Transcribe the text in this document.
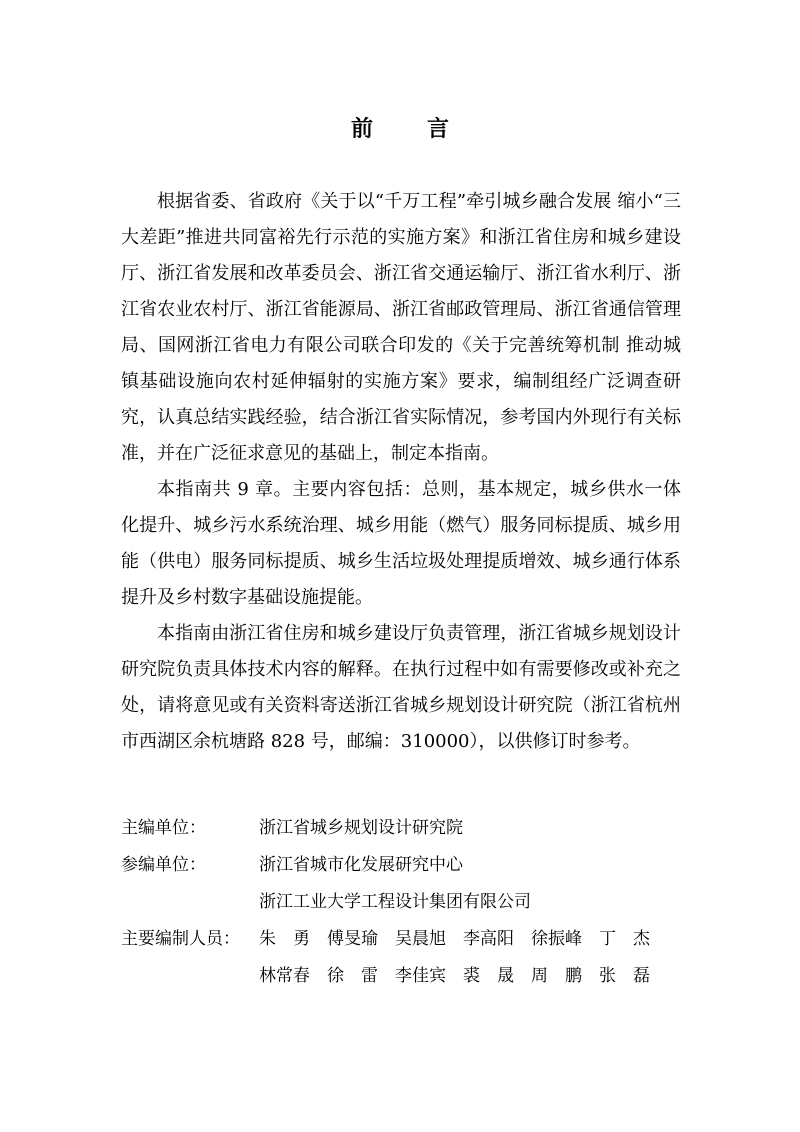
前　言

根据省委、省政府《关于以“千万工程”牵引城乡融合发展 缩小“三大差距”推进共同富裕先行示范的实施方案》和浙江省住房和城乡建设厅、浙江省发展和改革委员会、浙江省交通运输厅、浙江省水利厅、浙江省农业农村厅、浙江省能源局、浙江省邮政管理局、浙江省通信管理局、国网浙江省电力有限公司联合印发的《关于完善统筹机制 推动城镇基础设施向农村延伸辐射的实施方案》要求，编制组经广泛调查研究，认真总结实践经验，结合浙江省实际情况，参考国内外现行有关标准，并在广泛征求意见的基础上，制定本指南。

本指南共 9 章。主要内容包括：总则，基本规定，城乡供水一体化提升、城乡污水系统治理、城乡用能（燃气）服务同标提质、城乡用能（供电）服务同标提质、城乡生活垃圾处理提质增效、城乡通行体系提升及乡村数字基础设施提能。

本指南由浙江省住房和城乡建设厅负责管理，浙江省城乡规划设计研究院负责具体技术内容的解释。在执行过程中如有需要修改或补充之处，请将意见或有关资料寄送浙江省城乡规划设计研究院（浙江省杭州市西湖区余杭塘路 828 号，邮编：310000），以供修订时参考。

主编单位：	浙江省城乡规划设计研究院
参编单位：	浙江省城市化发展研究中心
浙江工业大学工程设计集团有限公司
主要编制人员：	朱　勇　傅旻瑜　吴晨旭　李高阳　徐振峰　丁　杰
林常春　徐　雷　李佳宾　裘　晟　周　鹏　张　磊
